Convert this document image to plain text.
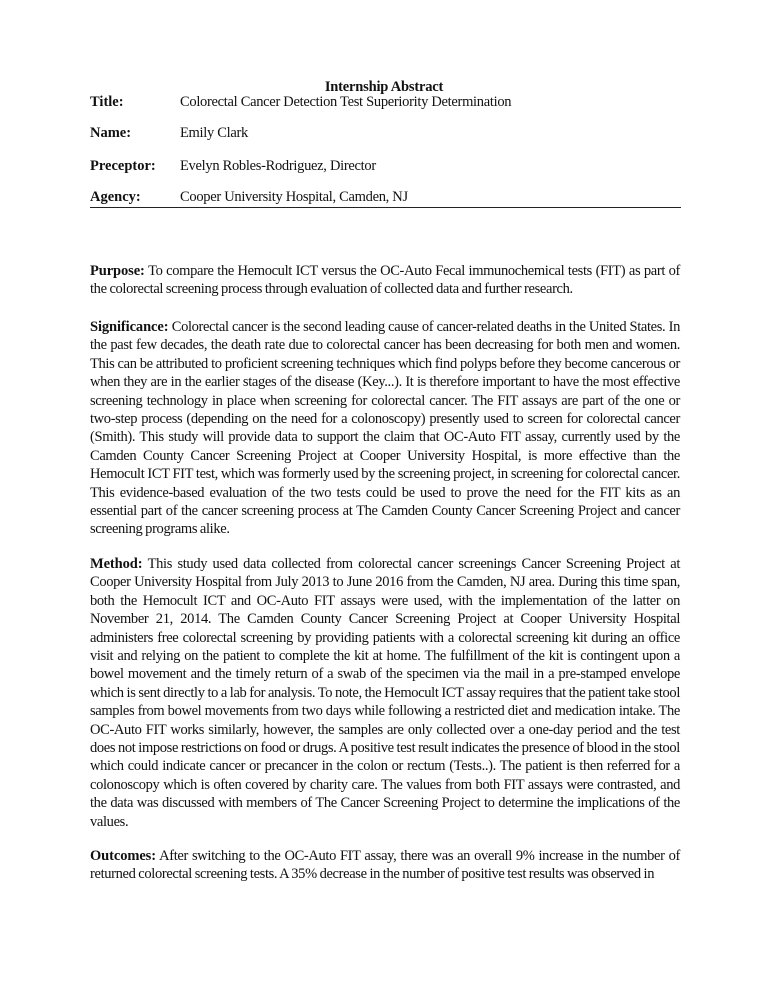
Internship Abstract
Title:	Colorectal Cancer Detection Test Superiority Determination
Name:	Emily Clark
Preceptor: Evelyn Robles-Rodriguez, Director
Agency:	Cooper University Hospital, Camden, NJ

Purpose: To compare the Hemocult ICT versus the OC-Auto Fecal immunochemical tests (FIT) as part of the colorectal screening process through evaluation of collected data and further research.

Significance: Colorectal cancer is the second leading cause of cancer-related deaths in the United States. In the past few decades, the death rate due to colorectal cancer has been decreasing for both men and women. This can be attributed to proficient screening techniques which find polyps before they become cancerous or when they are in the earlier stages of the disease (Key...). It is therefore important to have the most effective screening technology in place when screening for colorectal cancer. The FIT assays are part of the one or two-step process (depending on the need for a colonoscopy) presently used to screen for colorectal cancer (Smith). This study will provide data to support the claim that OC-Auto FIT assay, currently used by the Camden County Cancer Screening Project at Cooper University Hospital, is more effective than the Hemocult ICT FIT test, which was formerly used by the screening project, in screening for colorectal cancer. This evidence-based evaluation of the two tests could be used to prove the need for the FIT kits as an essential part of the cancer screening process at The Camden County Cancer Screening Project and cancer screening programs alike.

Method: This study used data collected from colorectal cancer screenings Cancer Screening Project at Cooper University Hospital from July 2013 to June 2016 from the Camden, NJ area. During this time span, both the Hemocult ICT and OC-Auto FIT assays were used, with the implementation of the latter on November 21, 2014. The Camden County Cancer Screening Project at Cooper University Hospital administers free colorectal screening by providing patients with a colorectal screening kit during an office visit and relying on the patient to complete the kit at home. The fulfillment of the kit is contingent upon a bowel movement and the timely return of a swab of the specimen via the mail in a pre-stamped envelope which is sent directly to a lab for analysis. To note, the Hemocult ICT assay requires that the patient take stool samples from bowel movements from two days while following a restricted diet and medication intake. The OC-Auto FIT works similarly, however, the samples are only collected over a one-day period and the test does not impose restrictions on food or drugs. A positive test result indicates the presence of blood in the stool which could indicate cancer or precancer in the colon or rectum (Tests..). The patient is then referred for a colonoscopy which is often covered by charity care. The values from both FIT assays were contrasted, and the data was discussed with members of The Cancer Screening Project to determine the implications of the values.

Outcomes: After switching to the OC-Auto FIT assay, there was an overall 9% increase in the number of returned colorectal screening tests. A 35% decrease in the number of positive test results was observed in
